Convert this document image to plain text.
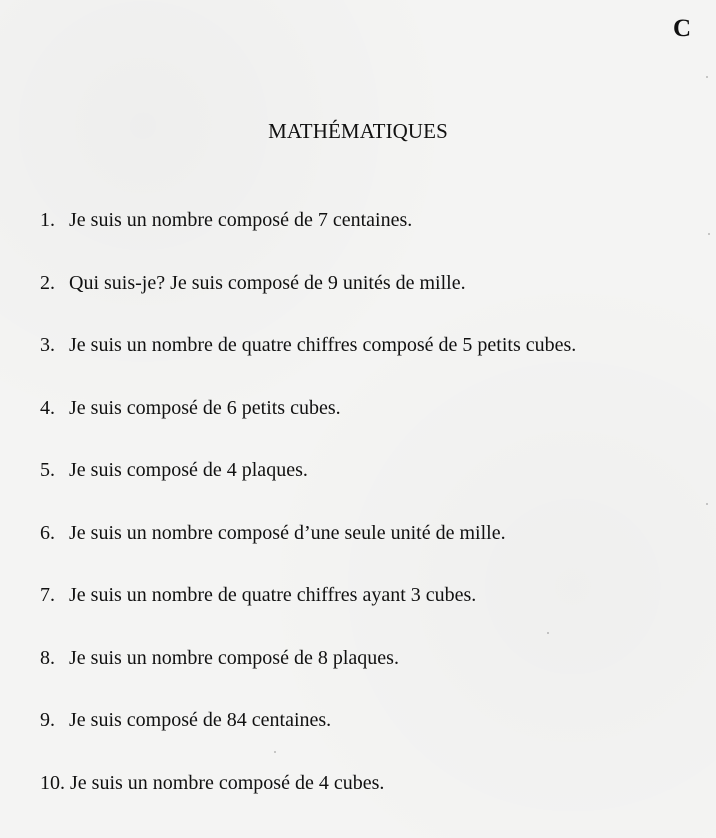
C
MATHÉMATIQUES
1. Je suis un nombre composé de 7 centaines.
2. Qui suis-je? Je suis composé de 9 unités de mille.
3. Je suis un nombre de quatre chiffres composé de 5 petits cubes.
4. Je suis composé de 6 petits cubes.
5. Je suis composé de 4 plaques.
6. Je suis un nombre composé d’une seule unité de mille.
7. Je suis un nombre de quatre chiffres ayant 3 cubes.
8. Je suis un nombre composé de 8 plaques.
9. Je suis composé de 84 centaines.
10. Je suis un nombre composé de 4 cubes.
